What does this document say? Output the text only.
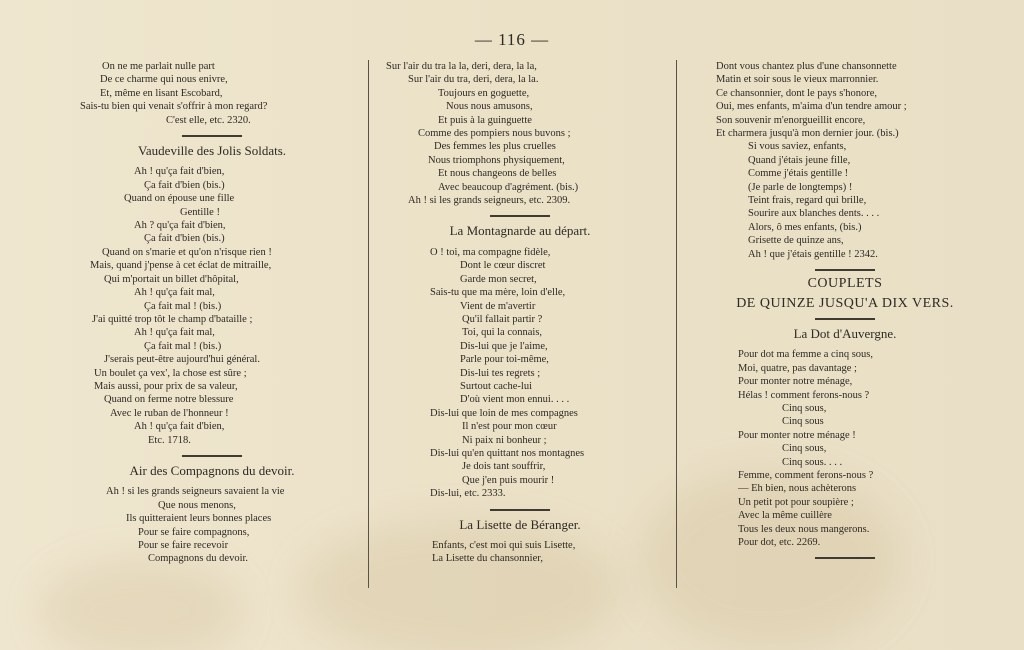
— 116 —
On ne me parlait nulle part
De ce charme qui nous enivre,
Et, même en lisant Escobard,
Sais-tu bien qui venait s'offrir à mon regard?
C'est elle, etc. 2320.
Vaudeville des Jolis Soldats.
Ah ! qu'ça fait d'bien,
Ça fait d'bien (bis.)
Quand on épouse une fille
Gentille !
Ah ? qu'ça fait d'bien,
Ça fait d'bien (bis.)
Quand on s'marie et qu'on n'risque rien !
Mais, quand j'pense à cet éclat de mitraille,
Qui m'portait un billet d'hôpital,
Ah ! qu'ça fait mal,
Ça fait mal ! (bis.)
J'ai quitté trop tôt le champ d'bataille ;
Ah ! qu'ça fait mal,
Ça fait mal ! (bis.)
J'serais peut-être aujourd'hui général.
Un boulet ça vex', la chose est sûre ;
Mais aussi, pour prix de sa valeur,
Quand on ferme notre blessure
Avec le ruban de l'honneur !
Ah ! qu'ça fait d'bien,
Etc. 1718.
Air des Compagnons du devoir.
Ah ! si les grands seigneurs savaient la vie
Que nous menons,
Ils quitteraient leurs bonnes places
Pour se faire compagnons,
Pour se faire recevoir
Compagnons du devoir.
Sur l'air du tra la la, deri, dera, la la,
Sur l'air du tra, deri, dera, la la.
Toujours en goguette,
Nous nous amusons,
Et puis à la guinguette
Comme des pompiers nous buvons ;
Des femmes les plus cruelles
Nous triomphons physiquement,
Et nous changeons de belles
Avec beaucoup d'agrément. (bis.)
Ah ! si les grands seigneurs, etc. 2309.
La Montagnarde au départ.
O ! toi, ma compagne fidèle,
Dont le cœur discret
Garde mon secret,
Sais-tu que ma mère, loin d'elle,
Vient de m'avertir
Qu'il fallait partir ?
Toi, qui la connais,
Dis-lui que je l'aime,
Parle pour toi-même,
Dis-lui tes regrets ;
Surtout cache-lui
D'où vient mon ennui. . . .
Dis-lui que loin de mes compagnes
Il n'est pour mon cœur
Ni paix ni bonheur ;
Dis-lui qu'en quittant nos montagnes
Je dois tant souffrir,
Que j'en puis mourir !
Dis-lui, etc. 2333.
La Lisette de Béranger.
Enfants, c'est moi qui suis Lisette,
La Lisette du chansonnier,
Dont vous chantez plus d'une chansonnette
Matin et soir sous le vieux marronnier.
Ce chansonnier, dont le pays s'honore,
Oui, mes enfants, m'aima d'un tendre amour ;
Son souvenir m'enorgueillit encore,
Et charmera jusqu'à mon dernier jour. (bis.)
Si vous saviez, enfants,
Quand j'étais jeune fille,
Comme j'étais gentille !
(Je parle de longtemps) !
Teint frais, regard qui brille,
Sourire aux blanches dents. . . .
Alors, ô mes enfants, (bis.)
Grisette de quinze ans,
Ah ! que j'étais gentille ! 2342.
COUPLETS
DE QUINZE JUSQU'A DIX VERS.
La Dot d'Auvergne.
Pour dot ma femme a cinq sous,
Moi, quatre, pas davantage ;
Pour monter notre ménage,
Hélas ! comment ferons-nous ?
Cinq sous,
Cinq sous
Pour monter notre ménage !
Cinq sous,
Cinq sous. . . .
Femme, comment ferons-nous ?
— Eh bien, nous achèterons
Un petit pot pour soupière ;
Avec la même cuillère
Tous les deux nous mangerons.
Pour dot, etc. 2269.
